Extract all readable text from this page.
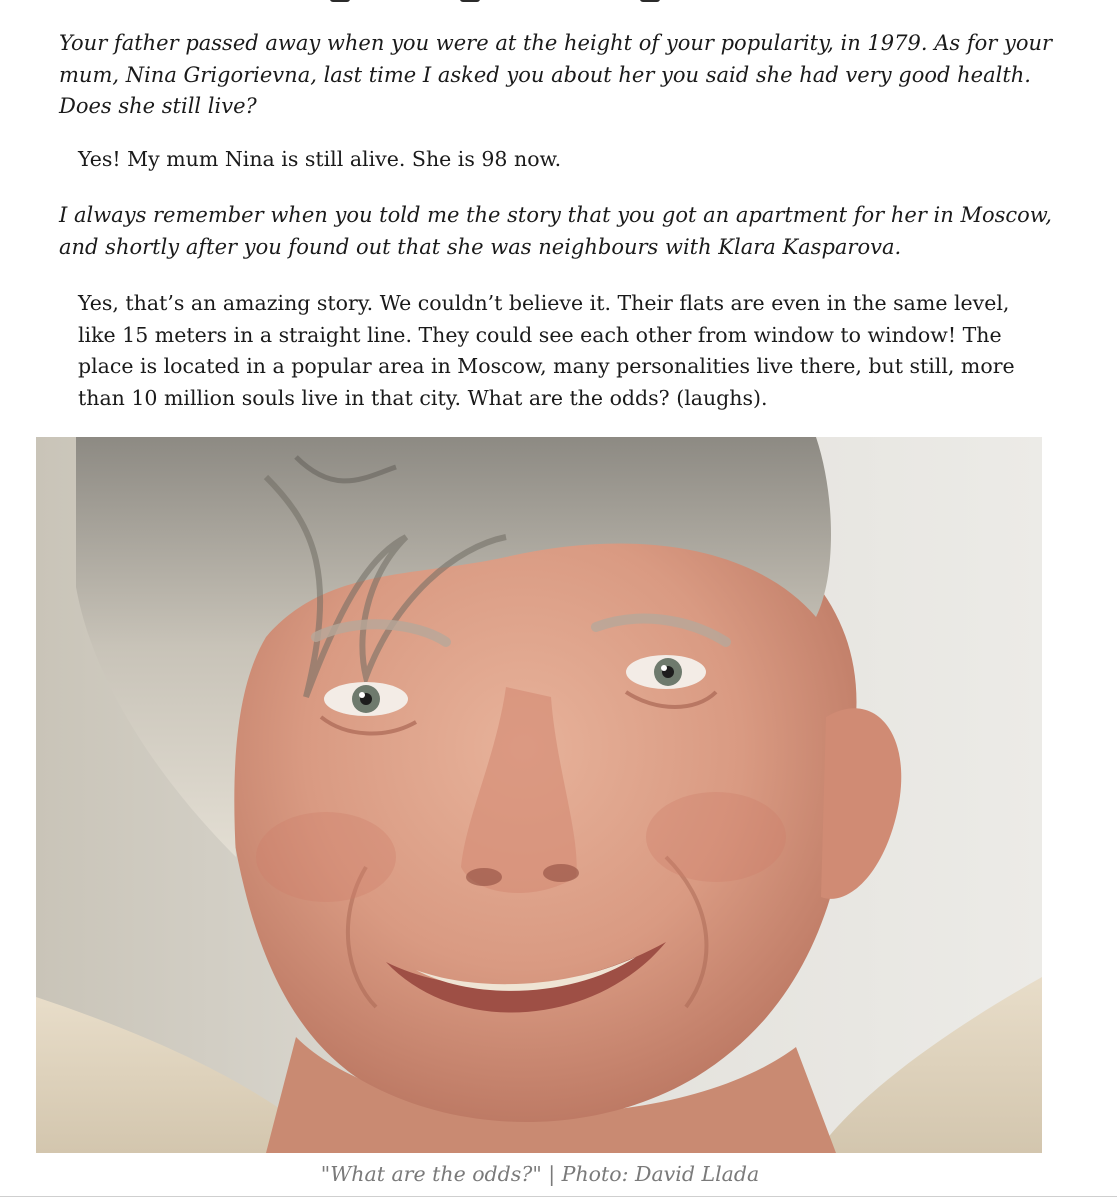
Your father passed away when you were at the height of your popularity, in 1979. As for your mum, Nina Grigorievna, last time I asked you about her you said she had very good health. Does she still live?

Yes! My mum Nina is still alive. She is 98 now.

I always remember when you told me the story that you got an apartment for her in Moscow, and shortly after you found out that she was neighbours with Klara Kasparova.

Yes, that’s an amazing story. We couldn’t believe it. Their flats are even in the same level, like 15 meters in a straight line. They could see each other from window to window! The place is located in a popular area in Moscow, many personalities live there, but still, more than 10 million souls live in that city. What are the odds? (laughs).

"What are the odds?" | Photo: David Llada
